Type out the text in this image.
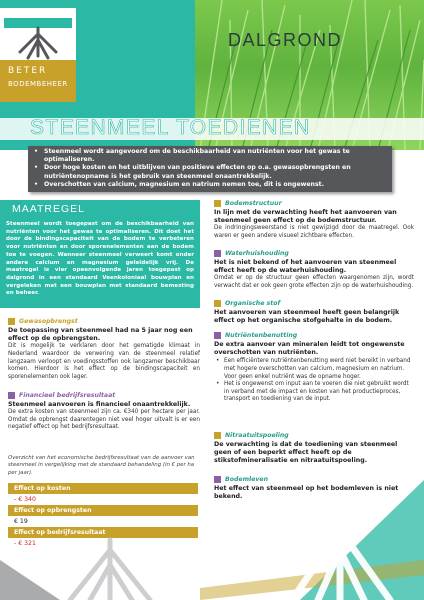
BETER
BODEMBEHEER
DALGROND
STEENMEEL TOEDIENEN
• Steenmeel wordt aangevoerd om de beschikbaarheid van nutriënten voor het gewas te optimaliseren.
• Door hoge kosten en het uitblijven van positieve effecten op o.a. gewasopbrengsten en
nutriëntenopname is het gebruik van steenmeel onaantrekkelijk.
• Overschotten van calcium, magnesium en natrium nemen toe, dit is ongewenst.
MAATREGEL
Steenmeel wordt toegepast om de beschikbaarheid van nutriënten voor het gewas te optimaliseren. Dit doet het door de bindingscapaciteit van de bodem te verbeteren voor nutriënten en door sporenelementen aan de bodem toe te voegen. Wanneer steenmeel verweert komt onder andere calcium en magnesium geleidelijk vrij. De maatregel is vier opeenvolgende jaren toegepast op dalgrond in een standaard Veenkoloniaal bouwplan en vergeleken met een bouwplan met standaard bemesting en beheer.
Gewasopbrengst
De toepassing van steenmeel had na 5 jaar nog een effect op de opbrengsten.
Dit is mogelijk te verklaren door het gematigde klimaat in Nederland waardoor de verwering van de steenmeel relatief langzaam verloopt en voedingsstoffen ook langzamer beschikbaar komen. Hierdoor is het effect op de bindingscapaciteit en sporenelementen ook lager.
Financieel bedrijfsresultaat
Steenmeel aanvoeren is financieel onaantrekkelijk.
De extra kosten van steenmeel zijn ca. €340 per hectare per jaar. Omdat de opbrengst daarentegen niet veel hoger uitvalt is er een negatief effect op het bedrijfsresultaat.
Overzicht van het economische bedrijfsresultaat van de aanvoer van steenmeel in vergelijking met de standaard behandeling (in € per ha per jaar).
Effect op kosten
- € 340
Effect op opbrengsten
€ 19
Effect op bedrijfsresultaat
- € 321
Bodemstructuur
In lijn met de verwachting heeft het aanvoeren van steenmeel geen effect op de bodemstructuur.
De indringingsweerstand is niet gewijzigd door de maatregel. Ook waren er geen andere visueel zichtbare effecten.
Waterhuishouding
Het is niet bekend of het aanvoeren van steenmeel effect heeft op de waterhuishouding.
Omdat er op de structuur geen effecten waargenomen zijn, wordt verwacht dat er ook geen grote effecten zijn op de waterhuishouding.
Organische stof
Het aanvoeren van steenmeel heeft geen belangrijk effect op het organische stofgehalte in de bodem.
Nutriëntenbenutting
De extra aanvoer van mineralen leidt tot ongewenste overschotten van nutriënten.
• Een efficiëntere nutriëntenbenutting werd niet bereikt in verband met hogere overschotten van calcium, magnesium en natrium. Voor geen enkel nutriënt was de opname hoger.
• Het is ongewenst om input aan te voeren die niet gebruikt wordt in verband met de impact en kosten van het productieproces, transport en toediening van de input.
Nitraatuitspoeling
De verwachting is dat de toediening van steenmeel geen of een beperkt effect heeft op de stikstofmineralisatie en nitraatuitspoeling.
Bodemleven
Het effect van steenmeel op het bodemleven is niet bekend.
